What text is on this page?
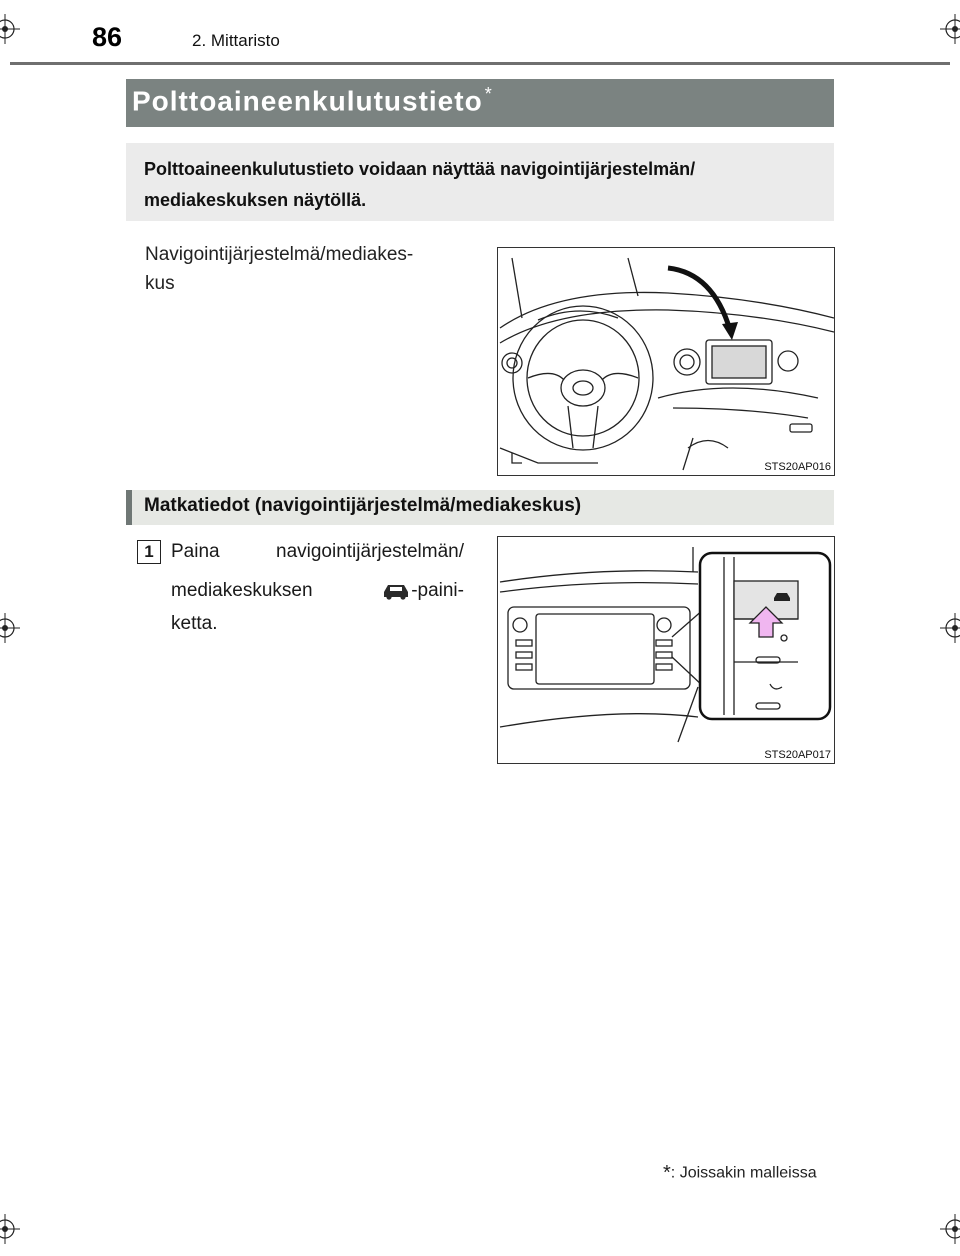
86	2. Mittaristo
Polttoaineenkulutustieto *
Polttoaineenkulutustieto voidaan näyttää navigointijärjestelmän/ mediakeskuksen näytöllä.
Navigointijärjestelmä/mediakes-
kus
STS20AP016
Matkatiedot (navigointijärjestelmä/mediakeskus)
1 Paina	navigointijärjestelmän/
mediakeskuksen	-paini-
ketta.
STS20AP017
*: Joissakin malleissa
